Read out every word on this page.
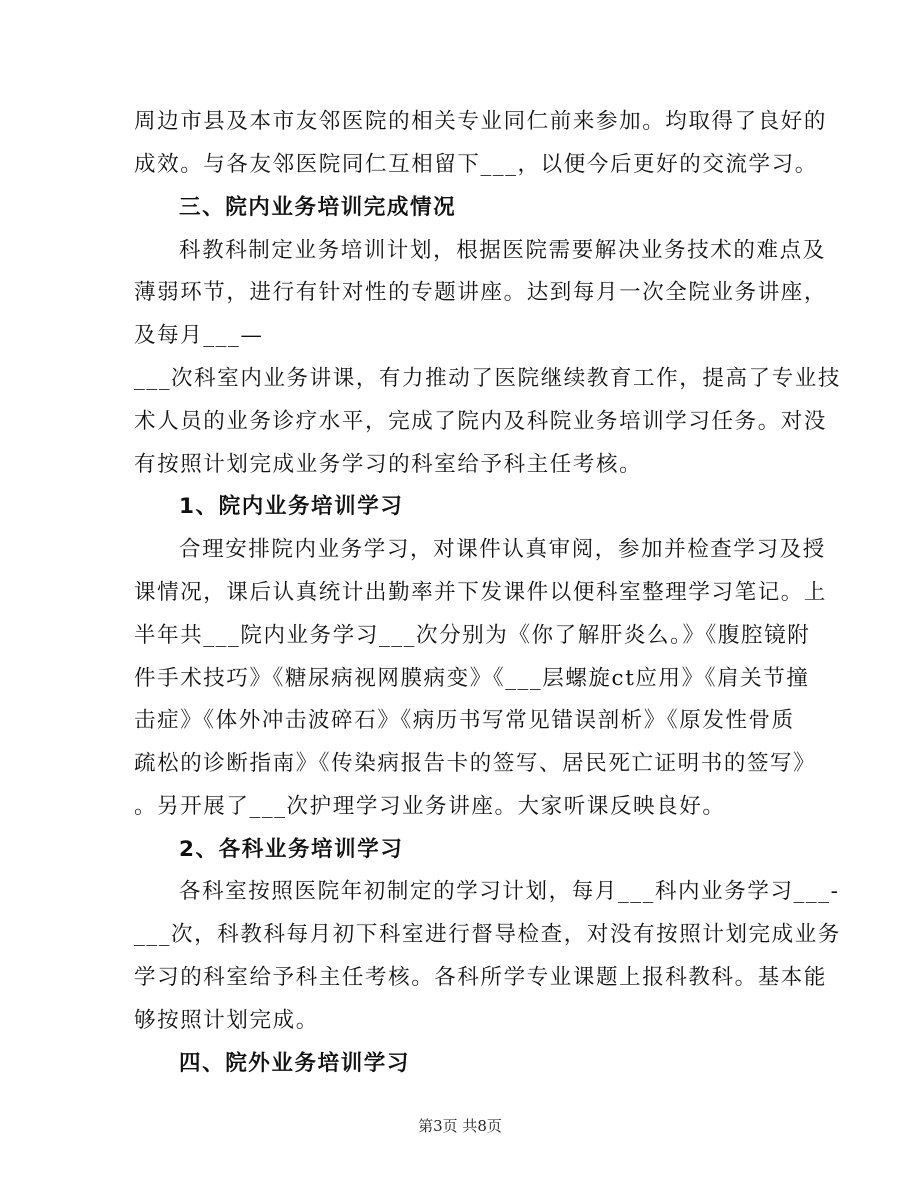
周边市县及本市友邻医院的相关专业同仁前来参加。均取得了良好的
成效。与各友邻医院同仁互相留下___，以便今后更好的交流学习。
三、院内业务培训完成情况
科教科制定业务培训计划，根据医院需要解决业务技术的难点及
薄弱环节，进行有针对性的专题讲座。达到每月一次全院业务讲座，
及每月___—
___次科室内业务讲课，有力推动了医院继续教育工作，提高了专业技
术人员的业务诊疗水平，完成了院内及科院业务培训学习任务。对没
有按照计划完成业务学习的科室给予科主任考核。
1、院内业务培训学习
合理安排院内业务学习，对课件认真审阅，参加并检查学习及授
课情况，课后认真统计出勤率并下发课件以便科室整理学习笔记。上
半年共___院内业务学习___次分别为《你了解肝炎么。》《腹腔镜附
件手术技巧》《糖尿病视网膜病变》《___层螺旋ct应用》《肩关节撞
击症》《体外冲击波碎石》《病历书写常见错误剖析》《原发性骨质
疏松的诊断指南》《传染病报告卡的签写、居民死亡证明书的签写》
。另开展了___次护理学习业务讲座。大家听课反映良好。
2、各科业务培训学习
各科室按照医院年初制定的学习计划，每月___科内业务学习___-
___次，科教科每月初下科室进行督导检查，对没有按照计划完成业务
学习的科室给予科主任考核。各科所学专业课题上报科教科。基本能
够按照计划完成。
四、院外业务培训学习
第3页 共8页
